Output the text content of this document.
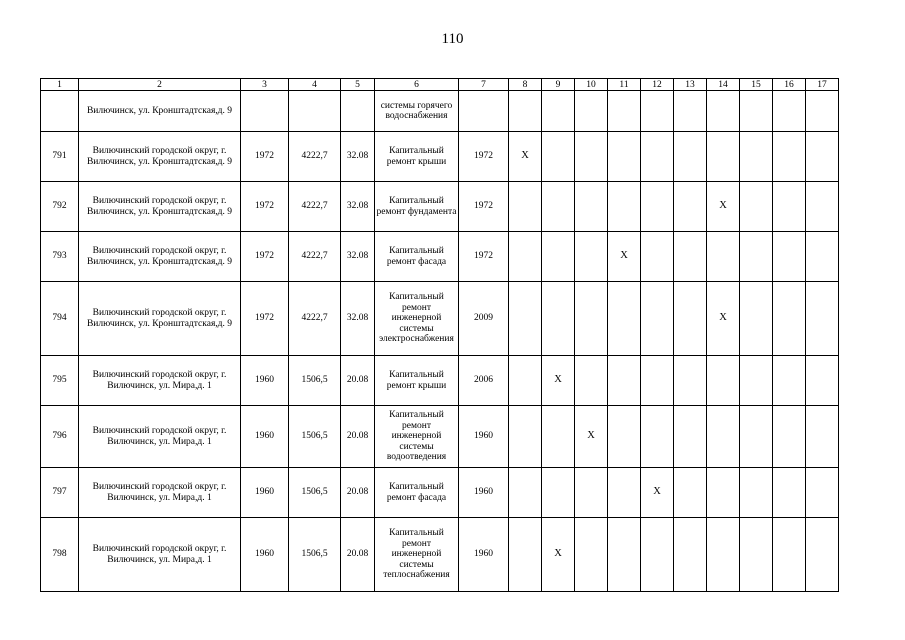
110
1	2	3	4	5	6	7	8	9	10	11	12	13	14	15	16	17
	Вилючинск, ул. Кронштадтская,д. 9				системы горячего водоснабжения											
791	Вилючинский городской округ, г. Вилючинск, ул. Кронштадтская,д. 9	1972	4222,7	32.08	Капитальный ремонт крыши	1972	X									
792	Вилючинский городской округ, г. Вилючинск, ул. Кронштадтская,д. 9	1972	4222,7	32.08	Капитальный ремонт фундамента	1972							X			
793	Вилючинский городской округ, г. Вилючинск, ул. Кронштадтская,д. 9	1972	4222,7	32.08	Капитальный ремонт фасада	1972				X						
794	Вилючинский городской округ, г. Вилючинск, ул. Кронштадтская,д. 9	1972	4222,7	32.08	Капитальный ремонт инженерной системы электроснабжения	2009							X			
795	Вилючинский городской округ, г. Вилючинск, ул. Мира,д. 1	1960	1506,5	20.08	Капитальный ремонт крыши	2006		X								
796	Вилючинский городской округ, г. Вилючинск, ул. Мира,д. 1	1960	1506,5	20.08	Капитальный ремонт инженерной системы водоотведения	1960			X							
797	Вилючинский городской округ, г. Вилючинск, ул. Мира,д. 1	1960	1506,5	20.08	Капитальный ремонт фасада	1960					X					
798	Вилючинский городской округ, г. Вилючинск, ул. Мира,д. 1	1960	1506,5	20.08	Капитальный ремонт инженерной системы теплоснабжения	1960		X								
